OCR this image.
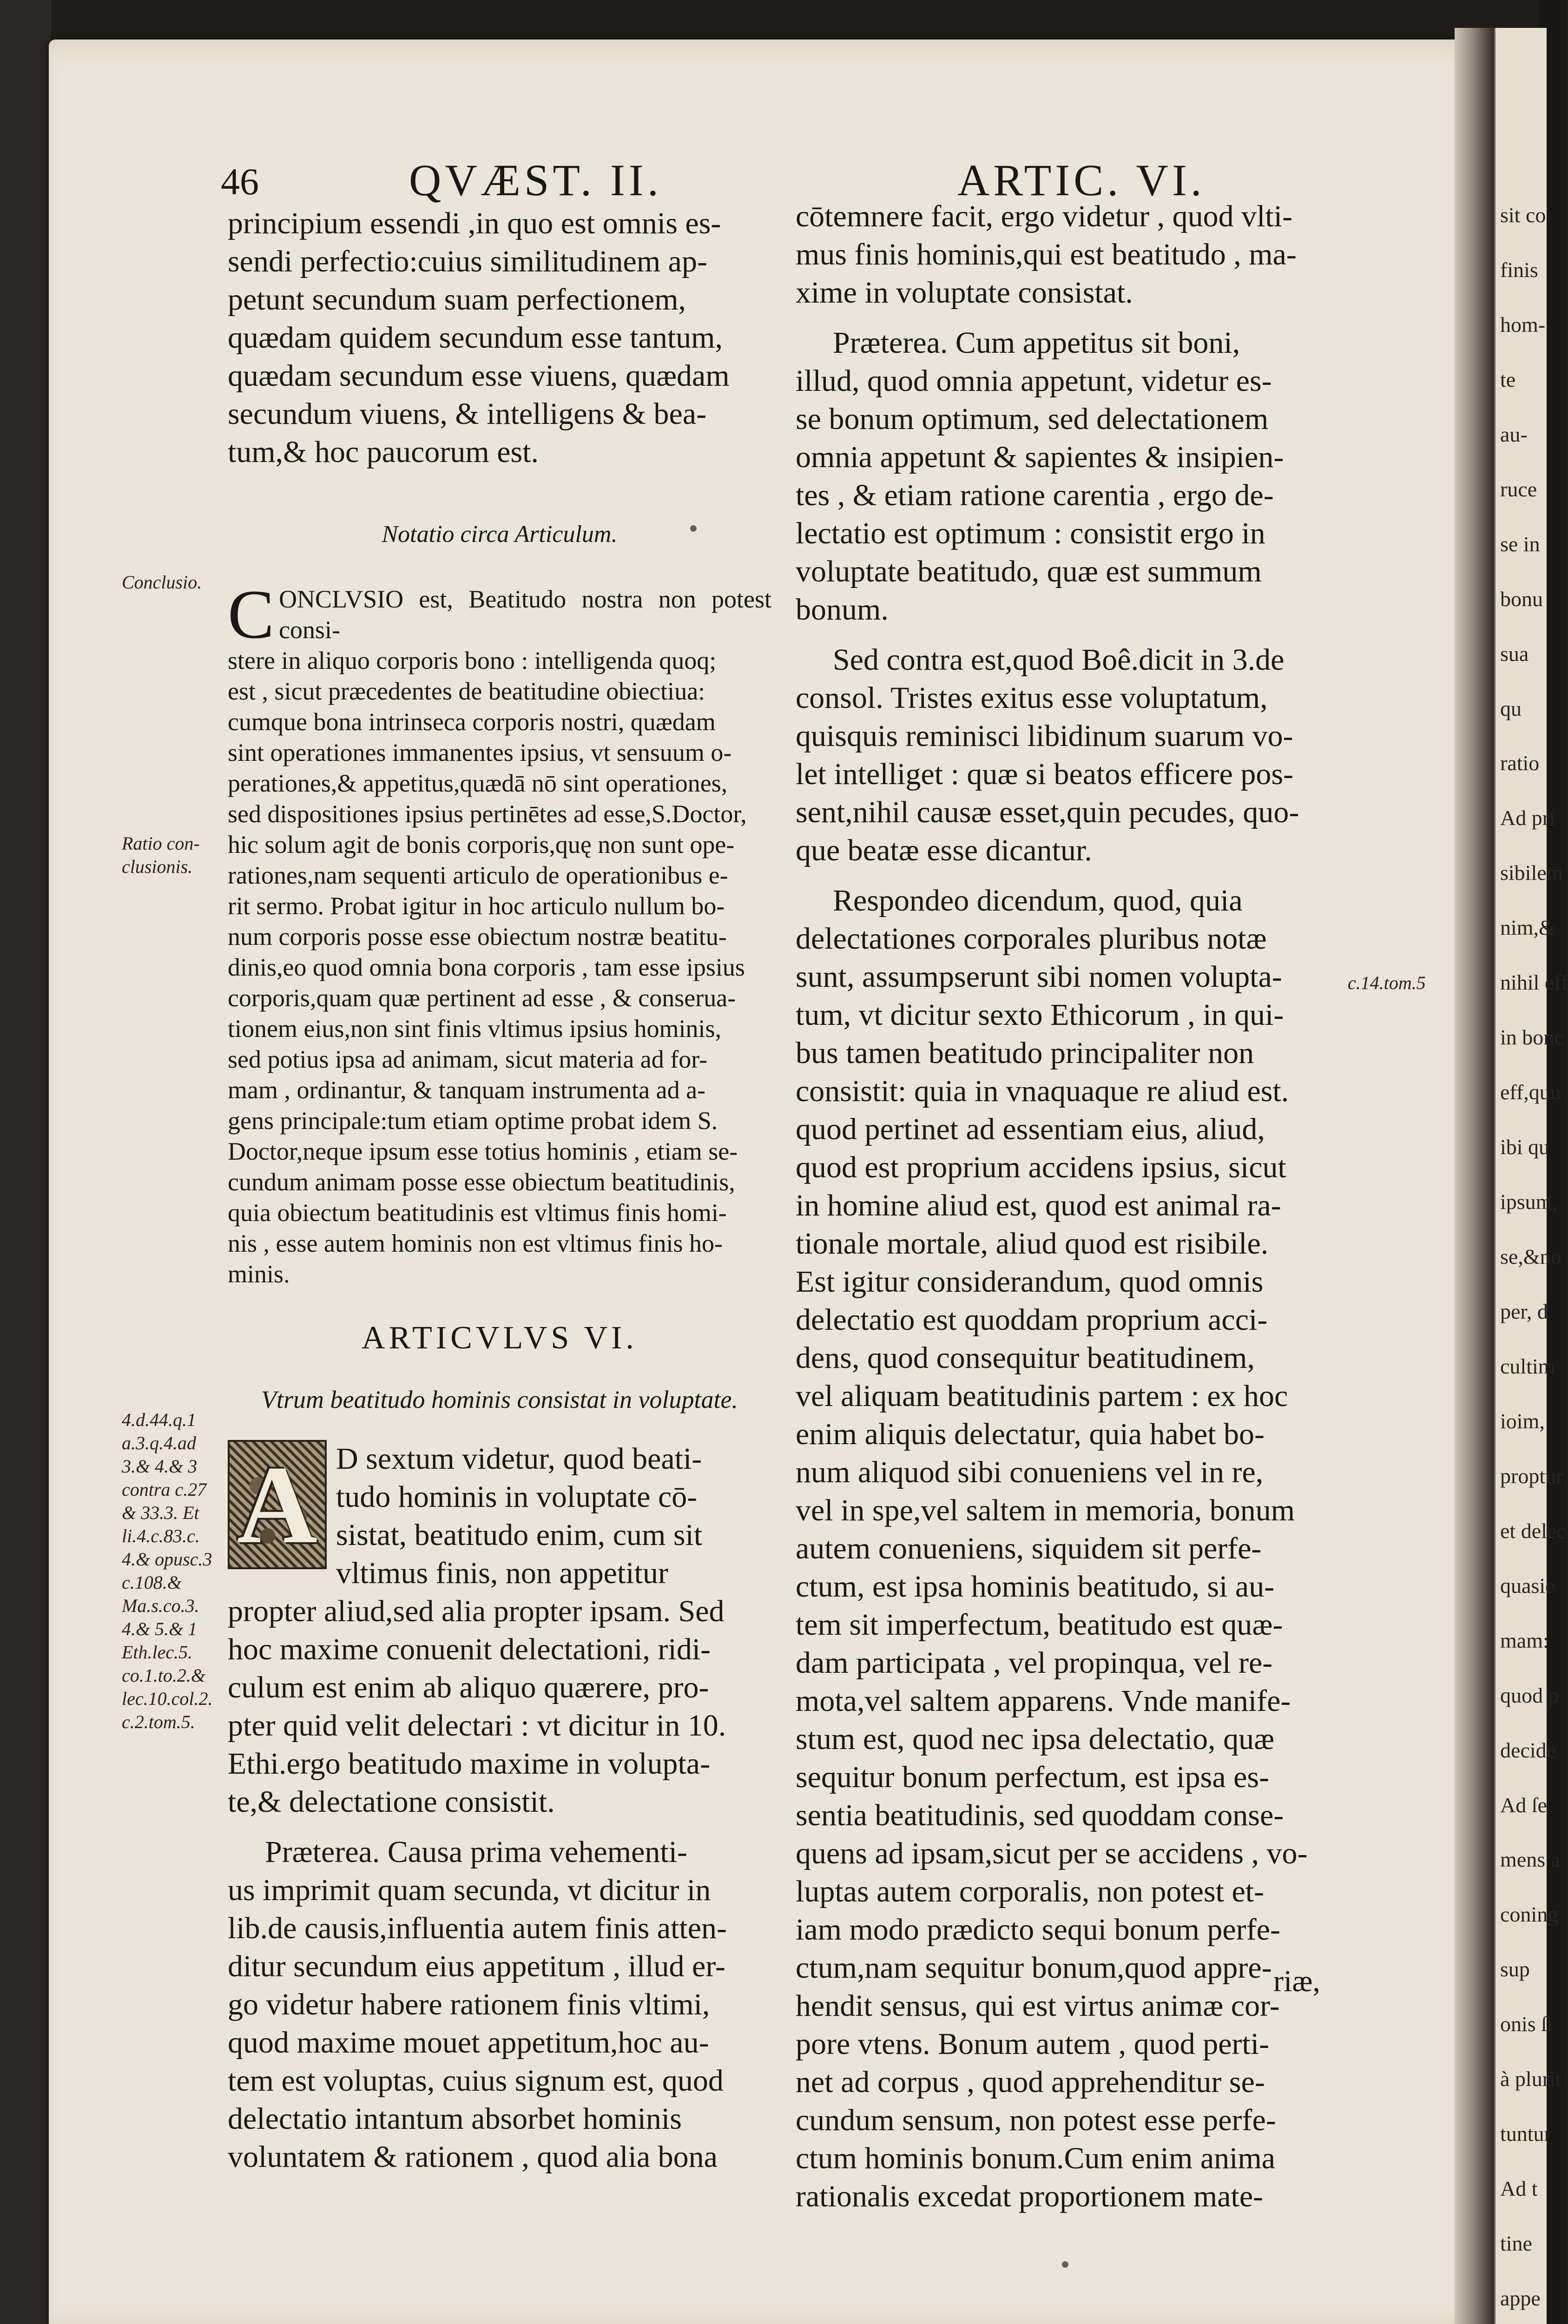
sit co
finis
hom-
te
au-
ruce
se in
bonu
sua
qu
ratio
Ad pri
sibilem
nim,&
nihil eff
in bonc
eff,quu
ibi qu
ipsum,
se,&no
per, d
cultim
ioim,
proptur
et delec
quasie
mam:
quod p
decide
Ad ſe
mens a
coning
sup
onis ſi
à plurit
tuntur
Ad t
tine
appe
46	QVÆST. II.	ARTIC. VI.

principium essendi ,in quo est omnis es-

sendi perfectio:cuius similitudinem ap-

petunt secundum suam perfectionem,

quædam quidem secundum esse tantum,

quædam secundum esse viuens, quædam

secundum viuens, & intelligens & bea-

tum,& hoc paucorum est.

Notatio circa Articulum.

C ONCLVSIO est, Beatitudo nostra non potest consi-

stere in aliquo corporis bono : intelligenda quoq;

est , sicut præcedentes de beatitudine obiectiua:

cumque bona intrinseca corporis nostri, quædam

sint operationes immanentes ipsius, vt sensuum o-

perationes,& appetitus,quædā nō sint operationes,

sed dispositiones ipsius pertinētes ad esse,S.Doctor,

hic solum agit de bonis corporis,quę non sunt ope-

rationes,nam sequenti articulo de operationibus e-

rit sermo. Probat igitur in hoc articulo nullum bo-

num corporis posse esse obiectum nostræ beatitu-

dinis,eo quod omnia bona corporis , tam esse ipsius

corporis,quam quæ pertinent ad esse , & conserua-

tionem eius,non sint finis vltimus ipsius hominis,

sed potius ipsa ad animam, sicut materia ad for-

mam , ordinantur, & tanquam instrumenta ad a-

gens principale:tum etiam optime probat idem S.

Doctor,neque ipsum esse totius hominis , etiam se-

cundum animam posse esse obiectum beatitudinis,

quia obiectum beatitudinis est vltimus finis homi-

nis , esse autem hominis non est vltimus finis ho-

minis.

ARTICVLVS VI.

Vtrum beatitudo hominis consistat in voluptate.

A D sextum videtur, quod beati-

tudo hominis in voluptate cō-

sistat, beatitudo enim, cum sit

vltimus finis, non appetitur

propter aliud,sed alia propter ipsam. Sed

hoc maxime conuenit delectationi, ridi-

culum est enim ab aliquo quærere, pro-

pter quid velit delectari : vt dicitur in 10.

Ethi.ergo beatitudo maxime in volupta-

te,& delectatione consistit.

Præterea. Causa prima vehementi-

us imprimit quam secunda, vt dicitur in

lib.de causis,influentia autem finis atten-

ditur secundum eius appetitum , illud er-

go videtur habere rationem finis vltimi,

quod maxime mouet appetitum,hoc au-

tem est voluptas, cuius signum est, quod

delectatio intantum absorbet hominis

voluntatem & rationem , quod alia bona

cōtemnere facit, ergo videtur , quod vlti-

mus finis hominis,qui est beatitudo , ma-

xime in voluptate consistat.

Præterea. Cum appetitus sit boni,

illud, quod omnia appetunt, videtur es-

se bonum optimum, sed delectationem

omnia appetunt & sapientes & insipien-

tes , & etiam ratione carentia , ergo de-

lectatio est optimum : consistit ergo in

voluptate beatitudo, quæ est summum

bonum.

Sed contra est,quod Boê.dicit in 3.de

consol. Tristes exitus esse voluptatum,

quisquis reminisci libidinum suarum vo-

let intelliget : quæ si beatos efficere pos-

sent,nihil causæ esset,quin pecudes, quo-

que beatæ esse dicantur.

Respondeo dicendum, quod, quia

delectationes corporales pluribus notæ

sunt, assumpserunt sibi nomen volupta-

tum, vt dicitur sexto Ethicorum , in qui-

bus tamen beatitudo principaliter non

consistit: quia in vnaquaque re aliud est.

quod pertinet ad essentiam eius, aliud,

quod est proprium accidens ipsius, sicut

in homine aliud est, quod est animal ra-

tionale mortale, aliud quod est risibile.

Est igitur considerandum, quod omnis

delectatio est quoddam proprium acci-

dens, quod consequitur beatitudinem,

vel aliquam beatitudinis partem : ex hoc

enim aliquis delectatur, quia habet bo-

num aliquod sibi conueniens vel in re,

vel in spe,vel saltem in memoria, bonum

autem conueniens, siquidem sit perfe-

ctum, est ipsa hominis beatitudo, si au-

tem sit imperfectum, beatitudo est quæ-

dam participata , vel propinqua, vel re-

mota,vel saltem apparens. Vnde manife-

stum est, quod nec ipsa delectatio, quæ

sequitur bonum perfectum, est ipsa es-

sentia beatitudinis, sed quoddam conse-

quens ad ipsam,sicut per se accidens , vo-

luptas autem corporalis, non potest et-

iam modo prædicto sequi bonum perfe-

ctum,nam sequitur bonum,quod appre-

hendit sensus, qui est virtus animæ cor-

pore vtens. Bonum autem , quod perti-

net ad corpus , quod apprehenditur se-

cundum sensum, non potest esse perfe-

ctum hominis bonum.Cum enim anima

rationalis excedat proportionem mate-

riæ,
Conclusio.
Ratio con-
clusionis.
4.d.44.q.1
a.3.q.4.ad
3.& 4.& 3
contra c.27
& 33.3. Et
li.4.c.83.c.
4.& opusc.3
c.108.&
Ma.s.co.3.
4.& 5.& 1
Eth.lec.5.
co.1.to.2.&
lec.10.col.2.
c.2.tom.5.
c.14.tom.5
